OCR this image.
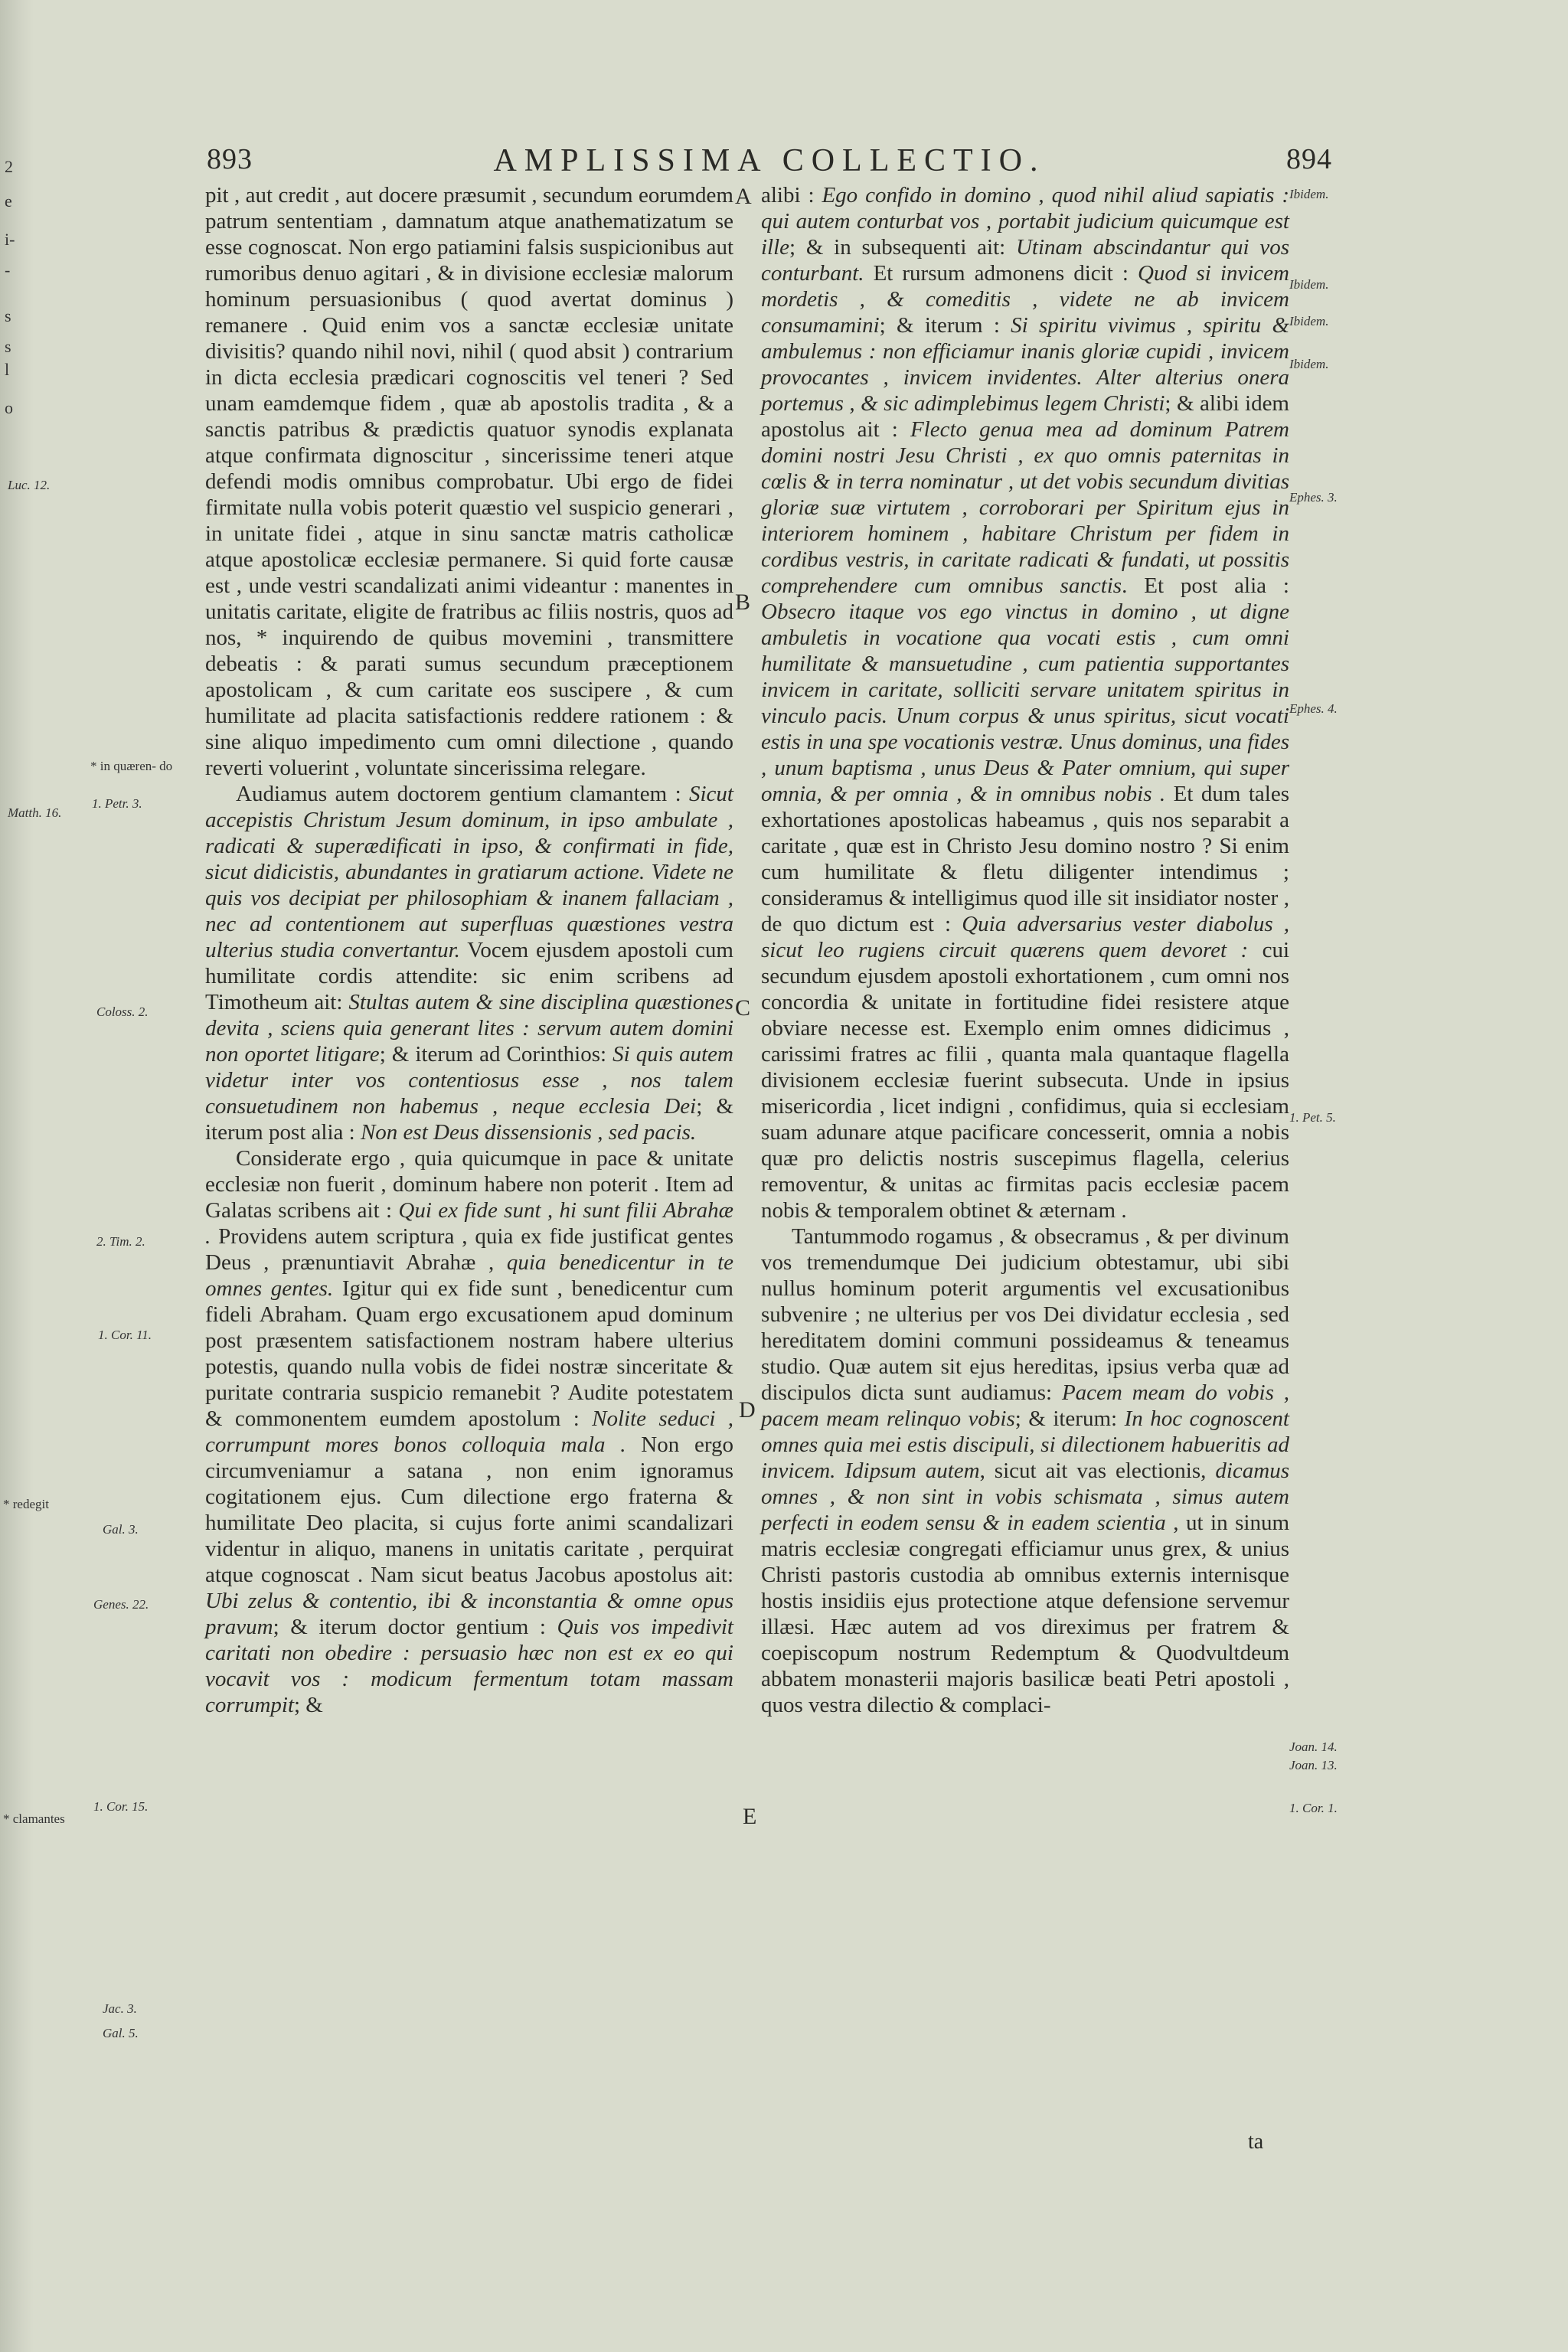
2
e
i-
-
s
s
l
o
893	AMPLISSIMA COLLECTIO.	894
A
B
C
D
E

pit , aut credit , aut docere præsumit , secundum eorumdem patrum sententiam , damnatum atque anathematizatum se esse cognoscat. Non ergo patiamini falsis suspicionibus aut rumoribus denuo agitari , & in divisione ecclesiæ malorum hominum persuasionibus ( quod avertat dominus ) remanere . Quid enim vos a sanctæ ecclesiæ unitate divisitis? quando nihil novi, nihil ( quod absit ) contrarium in dicta ecclesia prædicari cognoscitis vel teneri ? Sed unam eamdemque fidem , quæ ab apostolis tradita , & a sanctis patribus & prædictis quatuor synodis explanata atque confirmata dignoscitur , sincerissime teneri atque defendi modis omnibus comprobatur. Ubi ergo de fidei firmitate nulla vobis poterit quæstio vel suspicio generari , in unitate fidei , atque in sinu sanctæ matris catholicæ atque apostolicæ ecclesiæ permanere. Si quid forte causæ est , unde vestri scandalizati animi videantur : manentes in unitatis caritate, eligite de fratribus ac filiis nostris, quos ad nos, * inquirendo de quibus movemini , transmittere debeatis : & parati sumus secundum præceptionem apostolicam , & cum caritate eos suscipere , & cum humilitate ad placita satisfactionis reddere rationem : & sine aliquo impedimento cum omni dilectione , quando reverti voluerint , voluntate sincerissima relegare.

Audiamus autem doctorem gentium clamantem : Sicut accepistis Christum Jesum dominum, in ipso ambulate , radicati & superædificati in ipso, & confirmati in fide, sicut didicistis, abundantes in gratiarum actione. Videte ne quis vos decipiat per philosophiam & inanem fallaciam , nec ad contentionem aut superfluas quæstiones vestra ulterius studia convertantur. Vocem ejusdem apostoli cum humilitate cordis attendite: sic enim scribens ad Timotheum ait: Stultas autem & sine disciplina quæstiones devita , sciens quia generant lites : servum autem domini non oportet litigare; & iterum ad Corinthios: Si quis autem videtur inter vos contentiosus esse , nos talem consuetudinem non habemus , neque ecclesia Dei; & iterum post alia : Non est Deus dissensionis , sed pacis.

Considerate ergo , quia quicumque in pace & unitate ecclesiæ non fuerit , dominum habere non poterit . Item ad Galatas scribens ait : Qui ex fide sunt , hi sunt filii Abrahæ . Providens autem scriptura , quia ex fide justificat gentes Deus , prænuntiavit Abrahæ , quia benedicentur in te omnes gentes. Igitur qui ex fide sunt , benedicentur cum fideli Abraham. Quam ergo excusationem apud dominum post præsentem satisfactionem nostram habere ulterius potestis, quando nulla vobis de fidei nostræ sinceritate & puritate contraria suspicio remanebit ? Audite potestatem & commonentem eumdem apostolum : Nolite seduci , corrumpunt mores bonos colloquia mala . Non ergo circumveniamur a satana , non enim ignoramus cogitationem ejus. Cum dilectione ergo fraterna & humilitate Deo placita, si cujus forte animi scandalizari videntur in aliquo, manens in unitatis caritate , perquirat atque cognoscat . Nam sicut beatus Jacobus apostolus ait: Ubi zelus & contentio, ibi & inconstantia & omne opus pravum; & iterum doctor gentium : Quis vos impedivit caritati non obedire : persuasio hæc non est ex eo qui vocavit vos : modicum fermentum totam massam corrumpit; &

alibi : Ego confido in domino , quod nihil aliud sapiatis : qui autem conturbat vos , portabit judicium quicumque est ille; & in subsequenti ait: Utinam abscindantur qui vos conturbant. Et rursum admonens dicit : Quod si invicem mordetis , & comeditis , videte ne ab invicem consumamini; & iterum : Si spiritu vivimus , spiritu & ambulemus : non efficiamur inanis gloriæ cupidi , invicem provocantes , invicem invidentes. Alter alterius onera portemus , & sic adimplebimus legem Christi; & alibi idem apostolus ait : Flecto genua mea ad dominum Patrem domini nostri Jesu Christi , ex quo omnis paternitas in cœlis & in terra nominatur , ut det vobis secundum divitias gloriæ suæ virtutem , corroborari per Spiritum ejus in interiorem hominem , habitare Christum per fidem in cordibus vestris, in caritate radicati & fundati, ut possitis comprehendere cum omnibus sanctis. Et post alia : Obsecro itaque vos ego vinctus in domino , ut digne ambuletis in vocatione qua vocati estis , cum omni humilitate & mansuetudine , cum patientia supportantes invicem in caritate, solliciti servare unitatem spiritus in vinculo pacis. Unum corpus & unus spiritus, sicut vocati estis in una spe vocationis vestræ. Unus dominus, una fides , unum baptisma , unus Deus & Pater omnium, qui super omnia, & per omnia , & in omnibus nobis . Et dum tales exhortationes apostolicas habeamus , quis nos separabit a caritate , quæ est in Christo Jesu domino nostro ? Si enim cum humilitate & fletu diligenter intendimus ; consideramus & intelligimus quod ille sit insidiator noster , de quo dictum est : Quia adversarius vester diabolus , sicut leo rugiens circuit quærens quem devoret : cui secundum ejusdem apostoli exhortationem , cum omni nos concordia & unitate in fortitudine fidei resistere atque obviare necesse est. Exemplo enim omnes didicimus , carissimi fratres ac filii , quanta mala quantaque flagella divisionem ecclesiæ fuerint subsecuta. Unde in ipsius misericordia , licet indigni , confidimus, quia si ecclesiam suam adunare atque pacificare concesserit, omnia a nobis quæ pro delictis nostris suscepimus flagella, celerius removentur, & unitas ac firmitas pacis ecclesiæ pacem nobis & temporalem obtinet & æternam .

Tantummodo rogamus , & obsecramus , & per divinum vos tremendumque Dei judicium obtestamur, ubi sibi nullus hominum poterit argumentis vel excusationibus subvenire ; ne ulterius per vos Dei dividatur ecclesia , sed hereditatem domini communi possideamus & teneamus studio. Quæ autem sit ejus hereditas, ipsius verba quæ ad discipulos dicta sunt audiamus: Pacem meam do vobis , pacem meam relinquo vobis; & iterum: In hoc cognoscent omnes quia mei estis discipuli, si dilectionem habueritis ad invicem. Idipsum autem, sicut ait vas electionis, dicamus omnes , & non sint in vobis schismata , simus autem perfecti in eodem sensu & in eadem scientia , ut in sinum matris ecclesiæ congregati efficiamur unus grex, & unius Christi pastoris custodia ab omnibus externis internisque hostis insidiis ejus protectione atque defensione servemur illæsi. Hæc autem ad vos direximus per fratrem & coepiscopum nostrum Redemptum & Quodvultdeum abbatem monasterii majoris basilicæ beati Petri apostoli , quos vestra dilectio & complaci-

ta
Luc. 12.
* in quæren- do
1. Petr. 3.
Matth. 16.
Coloss. 2.
2. Tim. 2.
1. Cor. 11.
* redegit
Gal. 3.
Genes. 22.
1. Cor. 15.
* clamantes
Jac. 3.
Gal. 5.
Ibidem.
Ibidem.
Ibidem.
Ibidem.
Ephes. 3.
Ephes. 4.
1. Pet. 5.
Joan. 14.
Joan. 13.
1. Cor. 1.
